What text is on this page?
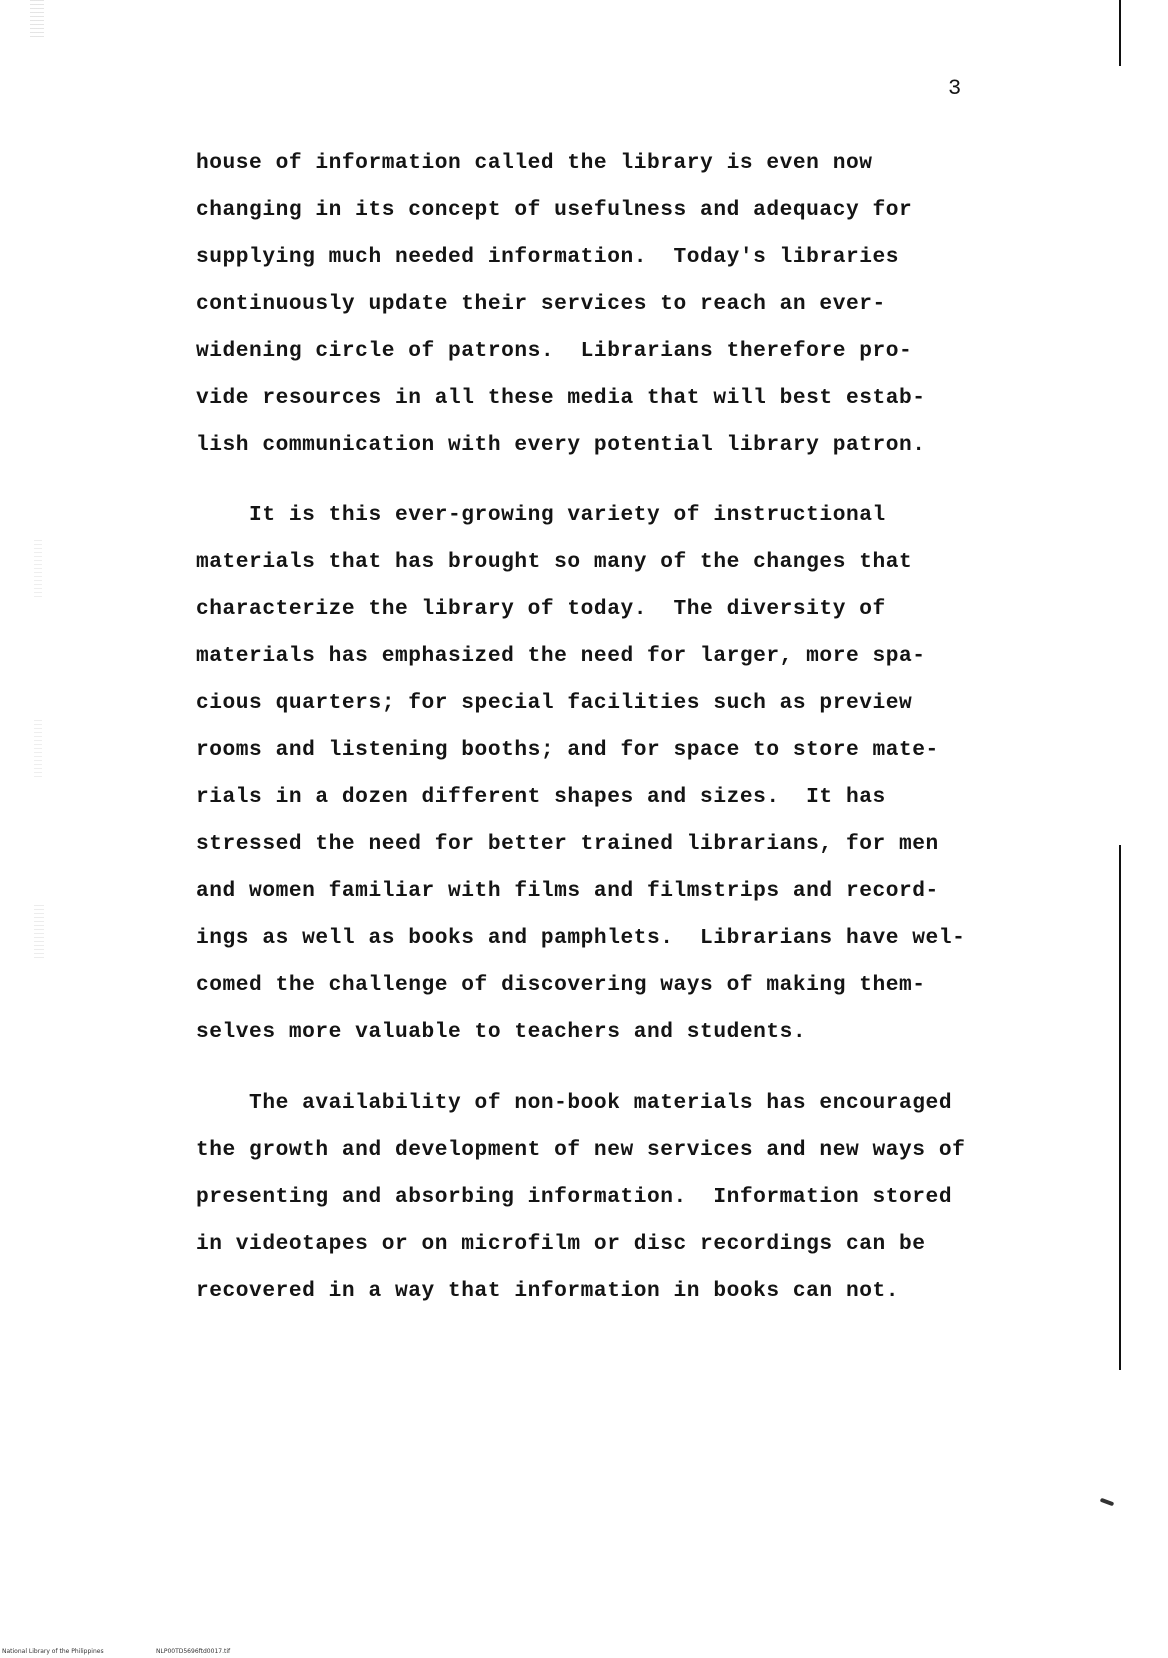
3
house of information called the library is even now
changing in its concept of usefulness and adequacy for
supplying much needed information.  Today's libraries
continuously update their services to reach an ever-
widening circle of patrons.  Librarians therefore pro-
vide resources in all these media that will best estab-
lish communication with every potential library patron.
It is this ever-growing variety of instructional
materials that has brought so many of the changes that
characterize the library of today.  The diversity of
materials has emphasized the need for larger, more spa-
cious quarters; for special facilities such as preview
rooms and listening booths; and for space to store mate-
rials in a dozen different shapes and sizes.  It has
stressed the need for better trained librarians, for men
and women familiar with films and filmstrips and record-
ings as well as books and pamphlets.  Librarians have wel-
comed the challenge of discovering ways of making them-
selves more valuable to teachers and students.
The availability of non-book materials has encouraged
the growth and development of new services and new ways of
presenting and absorbing information.  Information stored
in videotapes or on microfilm or disc recordings can be
recovered in a way that information in books can not.
National Library of the Philippines	NLP00TD5696ftd0017.tif
